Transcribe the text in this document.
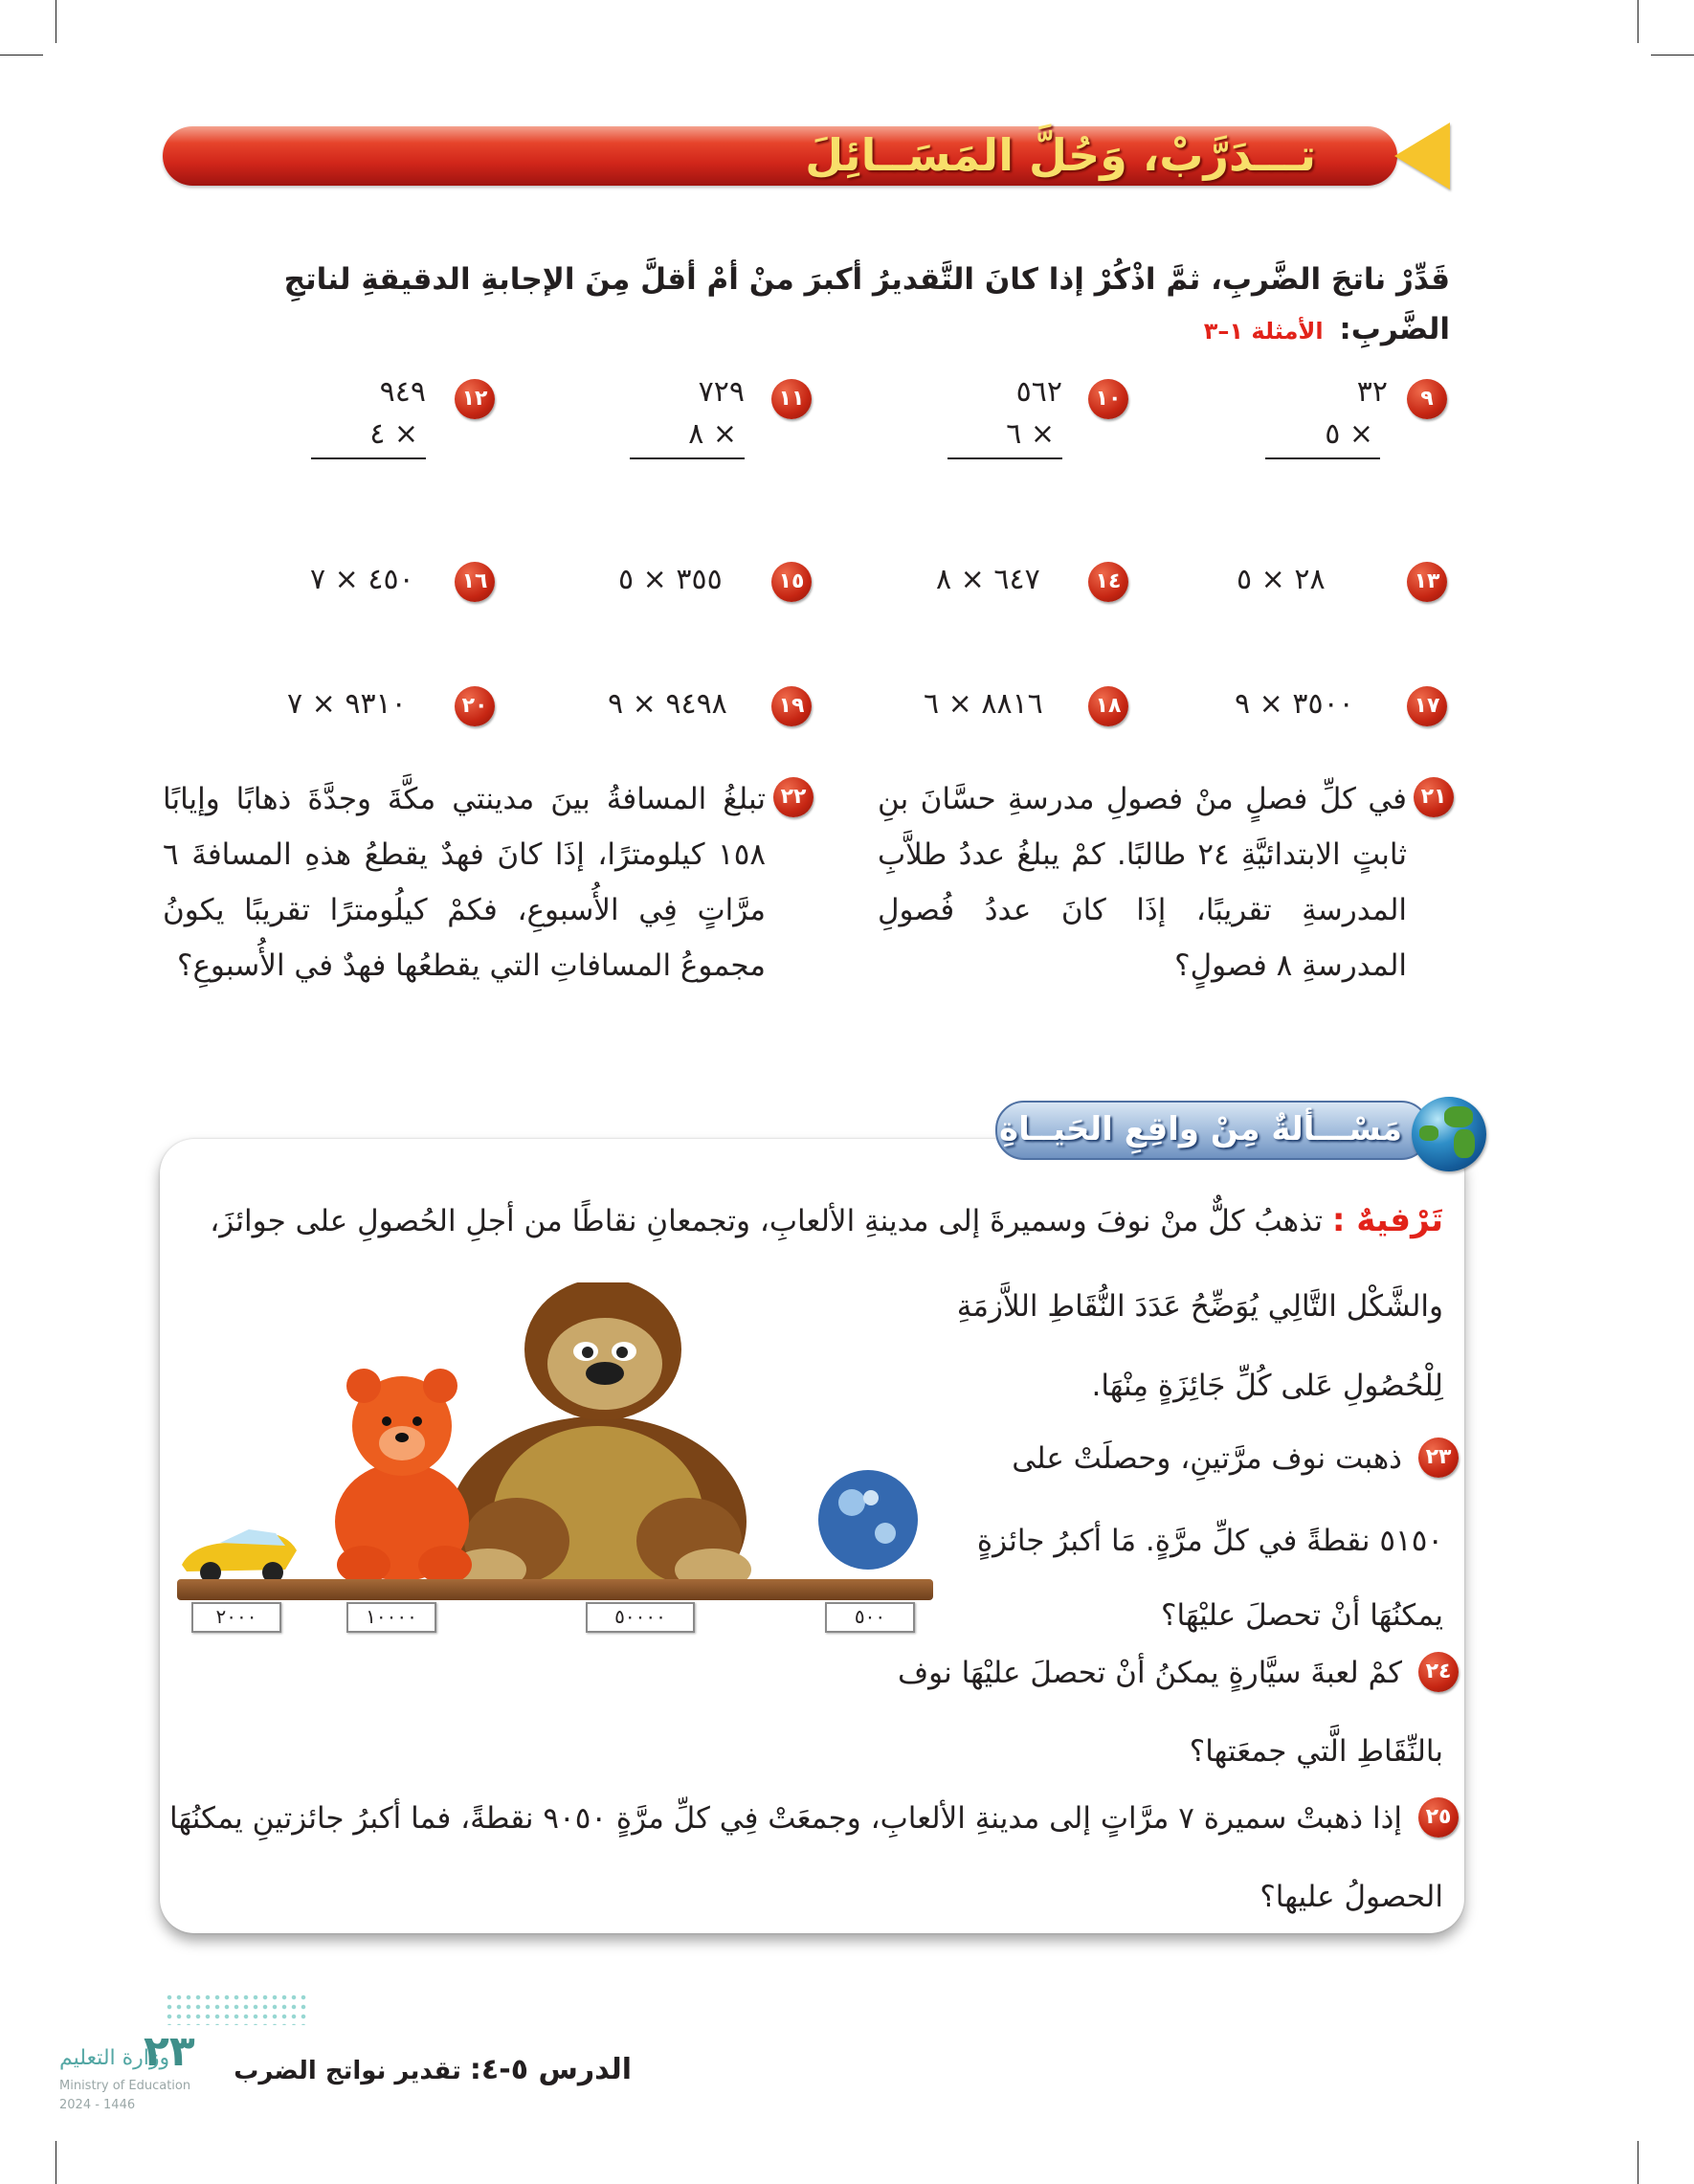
تـــدَرَّبْ، وَحُلَّ المَسَــائِلَ
قَدِّرْ ناتجَ الضَّربِ، ثمَّ اذْكُرْ إذا كانَ التَّقديرُ أكبرَ منْ أمْ أقلَّ مِنَ الإجابةِ الدقيقةِ لناتجِ الضَّربِ: الأمثلة ١–٣
٩
٣٢
٥ ×
١٠
٥٦٢
٦ ×
١١
٧٢٩
٨ ×
١٢
٩٤٩
٤ ×
١٣
٢٨ × ٥
١٤
٦٤٧ × ٨
١٥
٣٥٥ × ٥
١٦
٤٥٠ × ٧
١٧
٣٥٠٠ × ٩
١٨
٨٨١٦ × ٦
١٩
٩٤٩٨ × ٩
٢٠
٩٣١٠ × ٧
٢١
في كلِّ فصلٍ منْ فصولِ مدرسةِ حسَّانَ بنِ ثابتٍ الابتدائيَّةِ ٢٤ طالبًا. كمْ يبلغُ عددُ طلاَّبِ المدرسةِ تقريبًا، إذَا كانَ عددُ فُصولِ المدرسةِ ٨ فصولٍ؟
٢٢
تبلغُ المسافةُ بينَ مدينتي مكَّةَ وجدَّةَ ذهابًا وإيابًا ١٥٨ كيلومترًا، إذَا كانَ فهدٌ يقطعُ هذهِ المسافةَ ٦ مرَّاتٍ فِي الأُسبوعِ، فكمْ كيلُومترًا تقريبًا يكونُ مجموعُ المسافاتِ التي يقطعُها فهدٌ في الأُسبوعِ؟
مَسْـــألةٌ مِنْ واقِعِ الحَيــاةِ
تَرْفيهٌ : تذهبُ كلٌّ منْ نوفَ وسميرةَ إلى مدينةِ الألعابِ، وتجمعانِ نقاطًا من أجلِ الحُصولِ على جوائزَ،
والشَّكْل التَّالِي يُوَضِّحُ عَدَدَ النُّقَاطِ اللاَّزمَةِ
لِلْحُصُولِ عَلى كُلِّ جَائِزَةٍ مِنْهَا.
٢٠٠٠	١٠٠٠٠	٥٠٠٠٠	٥٠٠
٢٣
ذهبت نوف مرَّتينِ، وحصلَتْ على
٥١٥٠ نقطةً في كلِّ مرَّةٍ. مَا أكبرُ جائزةٍ
يمكنُهَا أنْ تحصلَ عليْهَا؟
٢٤
كمْ لعبةَ سيَّارةٍ يمكنُ أنْ تحصلَ عليْهَا نوف
بالنِّقَاطِ الَّتي جمعَتها؟
٢٥
إذا ذهبتْ سميرة ٧ مرَّاتٍ إلى مدينةِ الألعابِ، وجمعَتْ فِي كلِّ مرَّةٍ ٩٠٥٠ نقطةً، فما أكبرُ جائزتينِ يمكنُهَا
الحصولُ عليها؟
الدرس ٥-٤: تقدير نواتج الضرب
٢٣
وزارة التعليم
Ministry of Education
2024 - 1446
